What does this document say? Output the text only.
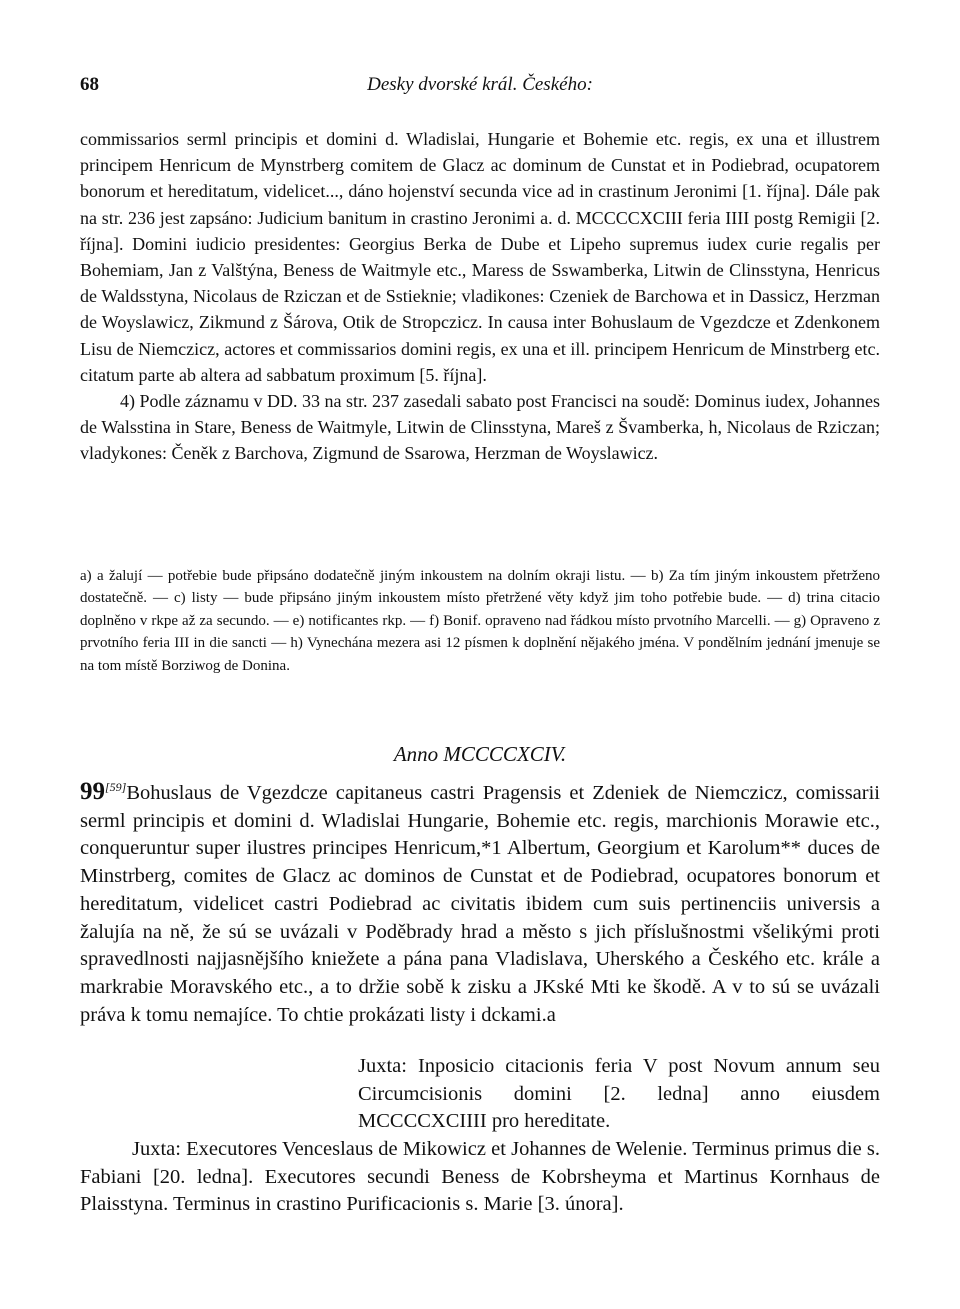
68	Desky dvorské král. Českého:

commissarios serml principis et domini d. Wladislai, Hungarie et Bohemie etc. regis, ex una et illustrem principem Henricum de Mynstrberg comitem de Glacz ac dominum de Cunstat et in Podiebrad, ocupatorem bonorum et hereditatum, videlicet..., dáno hojenství secunda vice ad in crastinum Jeronimi [1. října]. Dále pak na str. 236 jest zapsáno: Judicium banitum in crastino Jeronimi a. d. MCCCCXCIII feria IIII postg Remigii [2. října]. Domini iudicio presidentes: Georgius Berka de Dube et Lipeho supremus iudex curie regalis per Bohemiam, Jan z Valštýna, Beness de Waitmyle etc., Maress de Sswamberka, Litwin de Clinsstyna, Henricus de Waldsstyna, Nicolaus de Rziczan et de Sstieknie; vladikones: Czeniek de Barchowa et in Dassicz, Herzman de Woyslawicz, Zikmund z Šárova, Otik de Stropczicz. In causa inter Bohuslaum de Vgezdcze et Zdenkonem Lisu de Niemczicz, actores et commissarios domini regis, ex una et ill. principem Henricum de Minstrberg etc. citatum parte ab altera ad sabbatum proximum [5. října].

4) Podle záznamu v DD. 33 na str. 237 zasedali sabato post Francisci na soudě: Dominus iudex, Johannes de Walsstina in Stare, Beness de Waitmyle, Litwin de Clinsstyna, Mareš z Švamberka, h, Nicolaus de Rziczan; vladykones: Čeněk z Barchova, Zigmund de Ssarowa, Herzman de Woyslawicz.

a) a žalují — potřebie bude připsáno dodatečně jiným inkoustem na dolním okraji listu. — b) Za tím jiným inkoustem přetrženo dostatečně. — c) listy — bude připsáno jiným inkoustem místo přetržené věty když jim toho potřebie bude. — d) trina citacio doplněno v rkpe až za secundo. — e) notificantes rkp. — f) Bonif. opraveno nad řádkou místo prvotního Marcelli. — g) Opraveno z prvotního feria III in die sancti — h) Vynechána mezera asi 12 písmen k doplnění nějakého jména. V pondělním jednání jmenuje se na tom místě Borziwog de Donina.

Anno MCCCCXCIV.

99[59]Bohuslaus de Vgezdcze capitaneus castri Pragensis et Zdeniek de Niemczicz, comissarii serml principis et domini d. Wladislai Hungarie, Bohemie etc. regis, marchionis Morawie etc., conqueruntur super ilustres principes Henricum,*1 Albertum, Georgium et Karolum** duces de Minstrberg, comites de Glacz ac dominos de Cunstat et de Podiebrad, ocupatores bonorum et hereditatum, videlicet castri Podiebrad ac civitatis ibidem cum suis pertinenciis universis a žalujía na ně, že sú se uvázali v Poděbrady hrad a město s jich příslušnostmi všelikými proti spravedlnosti najjasnějšího kniežete a pána pana Vladislava, Uherského a Českého etc. krále a markrabie Moravského etc., a to držie sobě k zisku a JKské Mti ke škodě. A v to sú se uvázali práva k tomu nemajíce. To chtie prokázati listy i dckami.a

Juxta: Inposicio citacionis feria V post Novum annum seu Circumcisionis domini [2. ledna] anno eiusdem MCCCCXCIIII pro hereditate.

Juxta: Executores Venceslaus de Mikowicz et Johannes de Welenie. Terminus primus die s. Fabiani [20. ledna]. Executores secundi Beness de Kobrsheyma et Martinus Kornhaus de Plaisstyna. Terminus in crastino Purificacionis s. Marie [3. února].
